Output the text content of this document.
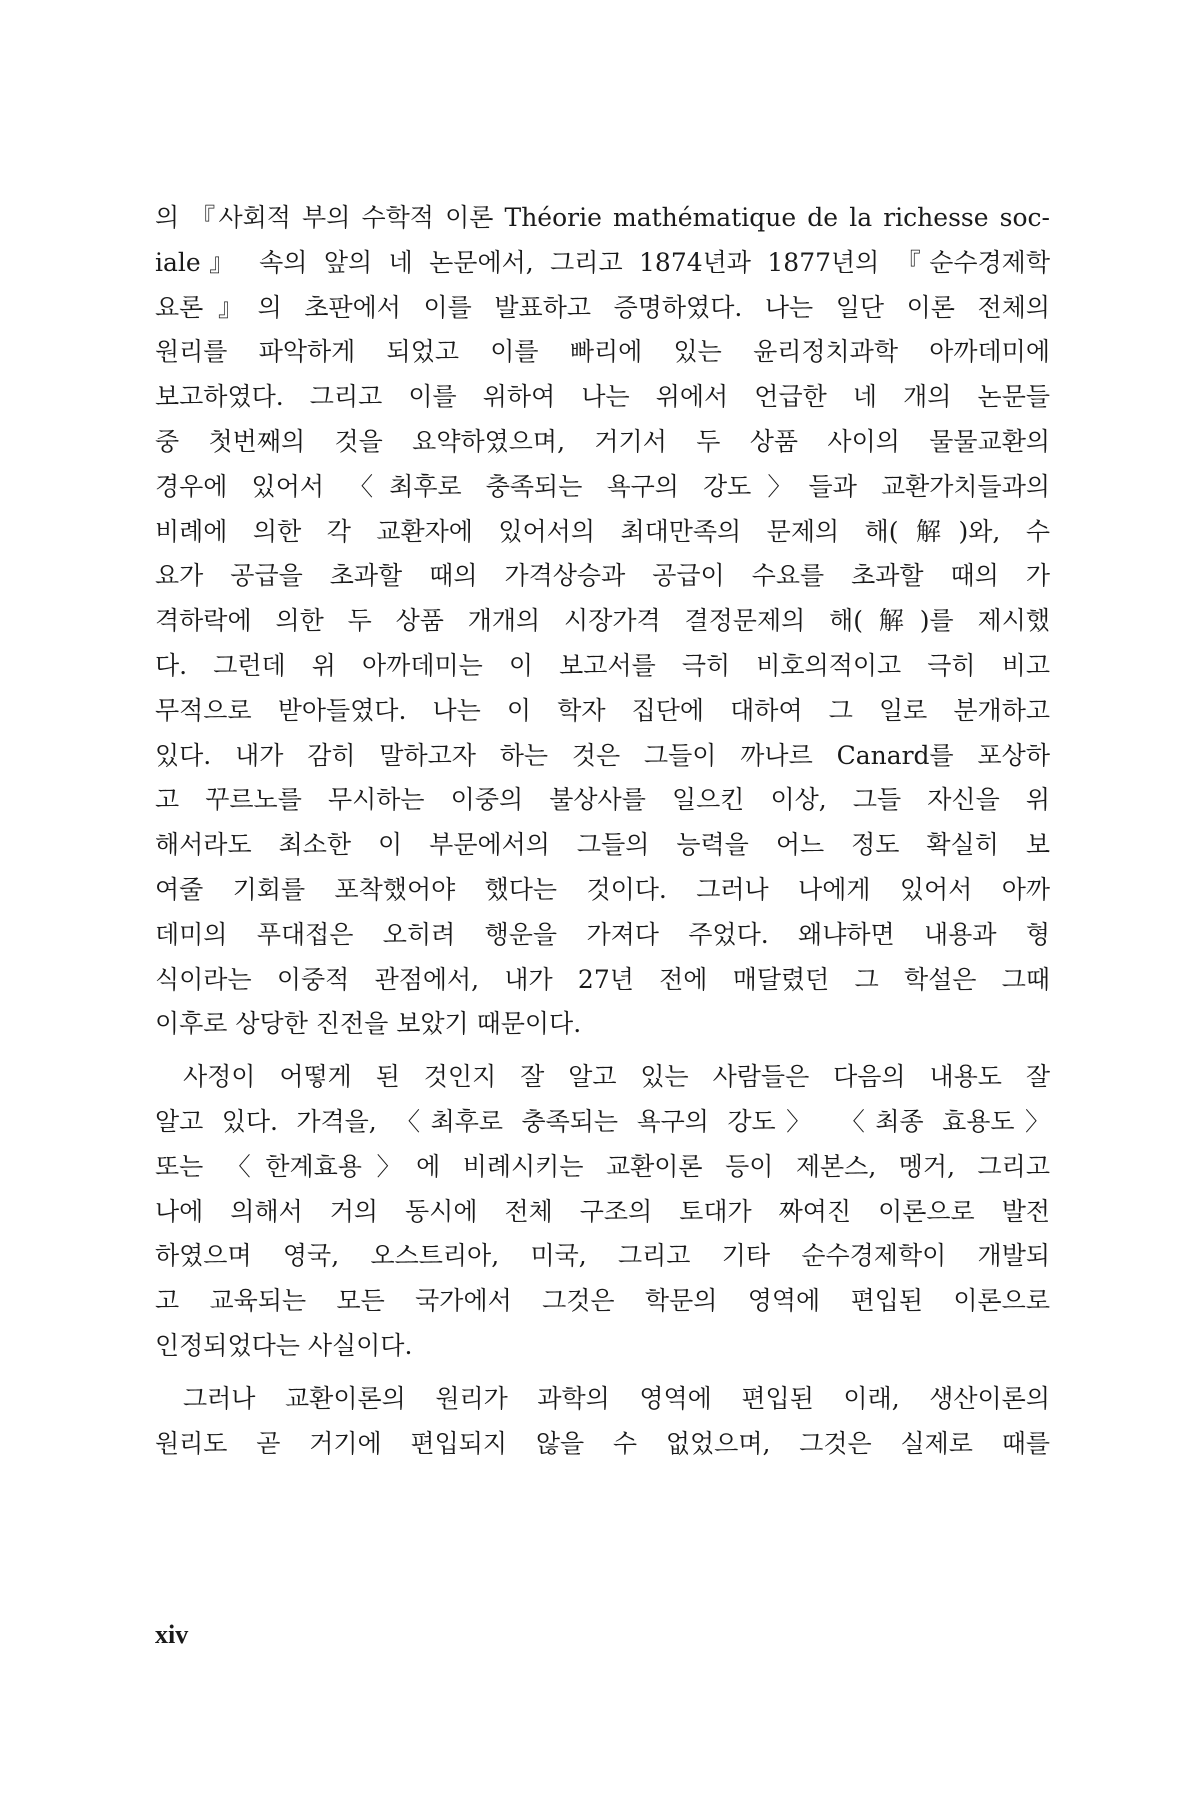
의 『사회적 부의 수학적 이론 Théorie mathématique de la richesse soc-
iale』 속의 앞의 네 논문에서, 그리고 1874년과 1877년의 『순수경제학
요론』의 초판에서 이를 발표하고 증명하였다. 나는 일단 이론 전체의
원리를 파악하게 되었고 이를 빠리에 있는 윤리정치과학 아까데미에
보고하였다. 그리고 이를 위하여 나는 위에서 언급한 네 개의 논문들
중 첫번째의 것을 요약하였으며, 거기서 두 상품 사이의 물물교환의
경우에 있어서 〈최후로 충족되는 욕구의 강도〉들과 교환가치들과의
비례에 의한 각 교환자에 있어서의 최대만족의 문제의 해(解)와, 수
요가 공급을 초과할 때의 가격상승과 공급이 수요를 초과할 때의 가
격하락에 의한 두 상품 개개의 시장가격 결정문제의 해(解)를 제시했
다. 그런데 위 아까데미는 이 보고서를 극히 비호의적이고 극히 비고
무적으로 받아들였다. 나는 이 학자 집단에 대하여 그 일로 분개하고
있다. 내가 감히 말하고자 하는 것은 그들이 까나르 Canard를 포상하
고 꾸르노를 무시하는 이중의 불상사를 일으킨 이상, 그들 자신을 위
해서라도 최소한 이 부문에서의 그들의 능력을 어느 정도 확실히 보
여줄 기회를 포착했어야 했다는 것이다. 그러나 나에게 있어서 아까
데미의 푸대접은 오히려 행운을 가져다 주었다. 왜냐하면 내용과 형
식이라는 이중적 관점에서, 내가 27년 전에 매달렸던 그 학설은 그때
이후로 상당한 진전을 보았기 때문이다.
사정이 어떻게 된 것인지 잘 알고 있는 사람들은 다음의 내용도 잘
알고 있다. 가격을, 〈최후로 충족되는 욕구의 강도〉 〈최종 효용도〉
또는 〈한계효용〉에 비례시키는 교환이론 등이 제본스, 멩거, 그리고
나에 의해서 거의 동시에 전체 구조의 토대가 짜여진 이론으로 발전
하였으며 영국, 오스트리아, 미국, 그리고 기타 순수경제학이 개발되
고 교육되는 모든 국가에서 그것은 학문의 영역에 편입된 이론으로
인정되었다는 사실이다.
그러나 교환이론의 원리가 과학의 영역에 편입된 이래, 생산이론의
원리도 곧 거기에 편입되지 않을 수 없었으며, 그것은 실제로 때를
xiv
